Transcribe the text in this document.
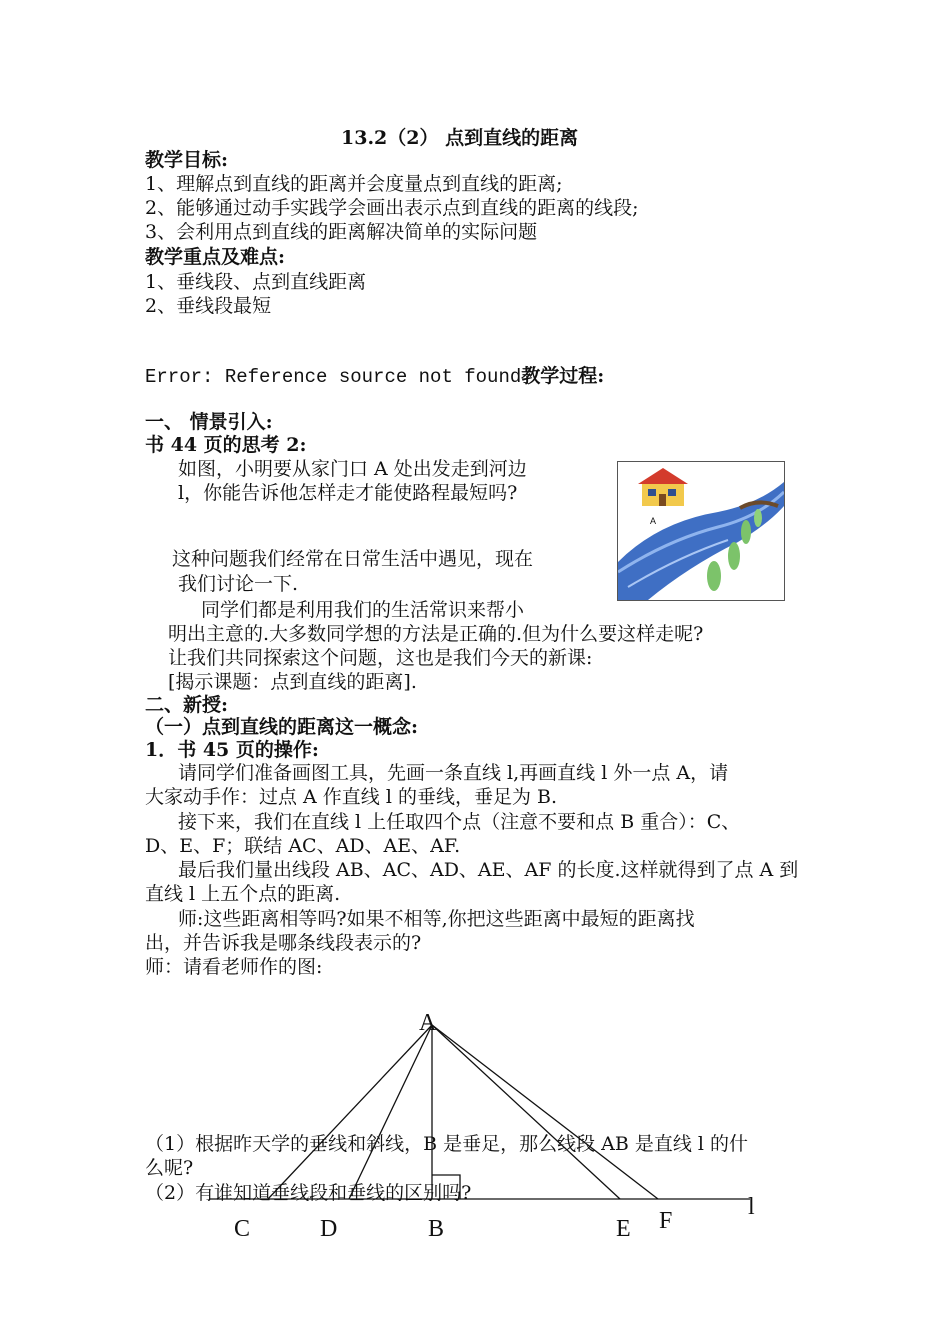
13.2（2） 点到直线的距离
教学目标:
1、理解点到直线的距离并会度量点到直线的距离;
2、能够通过动手实践学会画出表示点到直线的距离的线段;
3、会利用点到直线的距离解决简单的实际问题
教学重点及难点:
1、垂线段、点到直线距离
2、垂线段最短
Error: Reference source not found教学过程:
一、 情景引入:
书 44 页的思考 2:
如图，小明要从家门口 A 处出发走到河边
l，你能告诉他怎样走才能使路程最短吗?
A
这种问题我们经常在日常生活中遇见，现在
我们讨论一下.
同学们都是利用我们的生活常识来帮小
明出主意的.大多数同学想的方法是正确的.但为什么要这样走呢?
让我们共同探索这个问题，这也是我们今天的新课:
[揭示课题：点到直线的距离].
二、新授:
（一）点到直线的距离这一概念:
1．书 45 页的操作:
请同学们准备画图工具，先画一条直线 l,再画直线 l 外一点 A，请
大家动手作：过点 A 作直线 l 的垂线，垂足为 B.
接下来，我们在直线 l 上任取四个点（注意不要和点 B 重合）：C、
D、E、F；联结 AC、AD、AE、AF.
最后我们量出线段 AB、AC、AD、AE、AF 的长度.这样就得到了点 A 到
直线 l 上五个点的距离.
师:这些距离相等吗?如果不相等,你把这些距离中最短的距离找
出，并告诉我是哪条线段表示的?
师：请看老师作的图:
A
C	D	B	E F
l
（1）根据昨天学的垂线和斜线，B 是垂足，那么线段 AB 是直线 l 的什
么呢?
（2）有谁知道垂线段和垂线的区别吗?
